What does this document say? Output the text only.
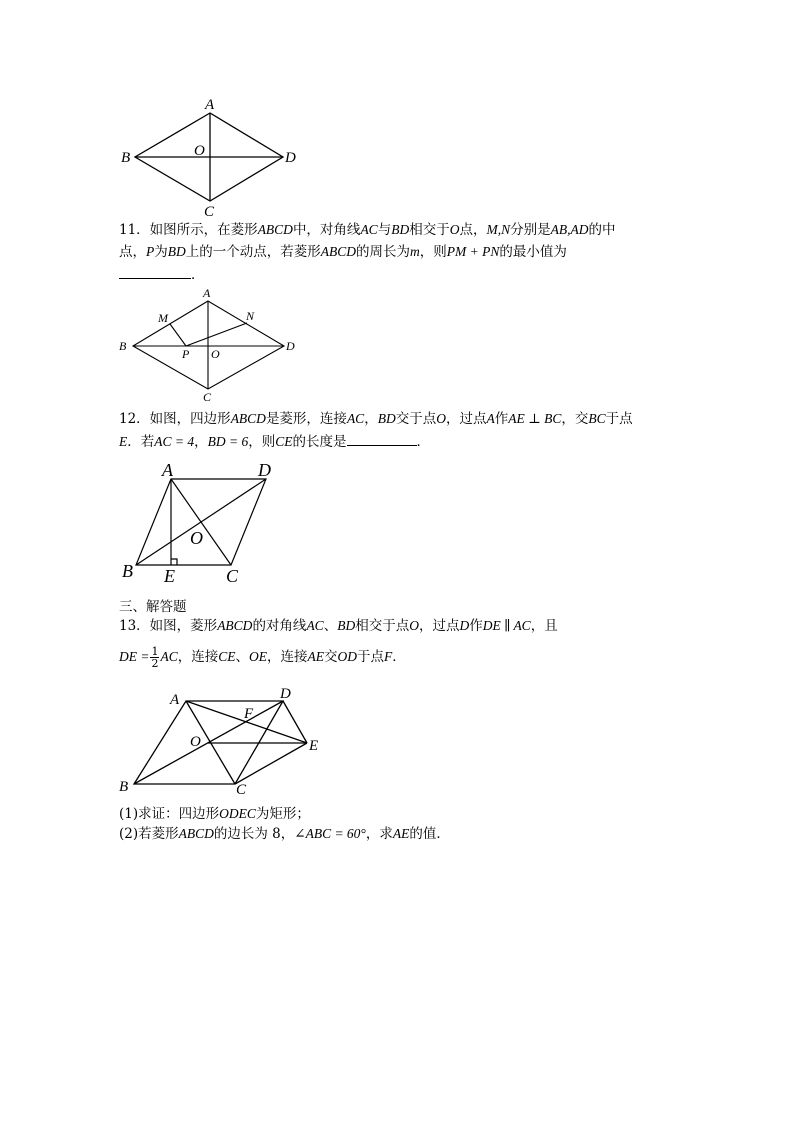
A
B	O	D
C
11．如图所示，在菱形ABCD中，对角线AC与BD相交于O点，M,N分别是AB,AD的中
点，P为BD上的一个动点，若菱形ABCD的周长为m，则PM + PN的最小值为
．
A
M	N
B
P O
D
C
12．如图，四边形ABCD是菱形，连接AC，BD交于点O，过点A作AE ⊥ BC，交BC于点
E．若AC = 4，BD = 6，则CE的长度是	．
A	D
O
B E	C
三、解答题
13．如图，菱形ABCD的对角线AC、BD相交于点O，过点D作DE ∥ AC，且
DE = $\frac{1}{2}$ AC，连接CE、OE，连接AE交OD于点F．
A	D
F
O	E
B	C
(1)求证：四边形ODEC为矩形；
(2)若菱形ABCD的边长为 8，∠ABC = 60°，求AE的值．
